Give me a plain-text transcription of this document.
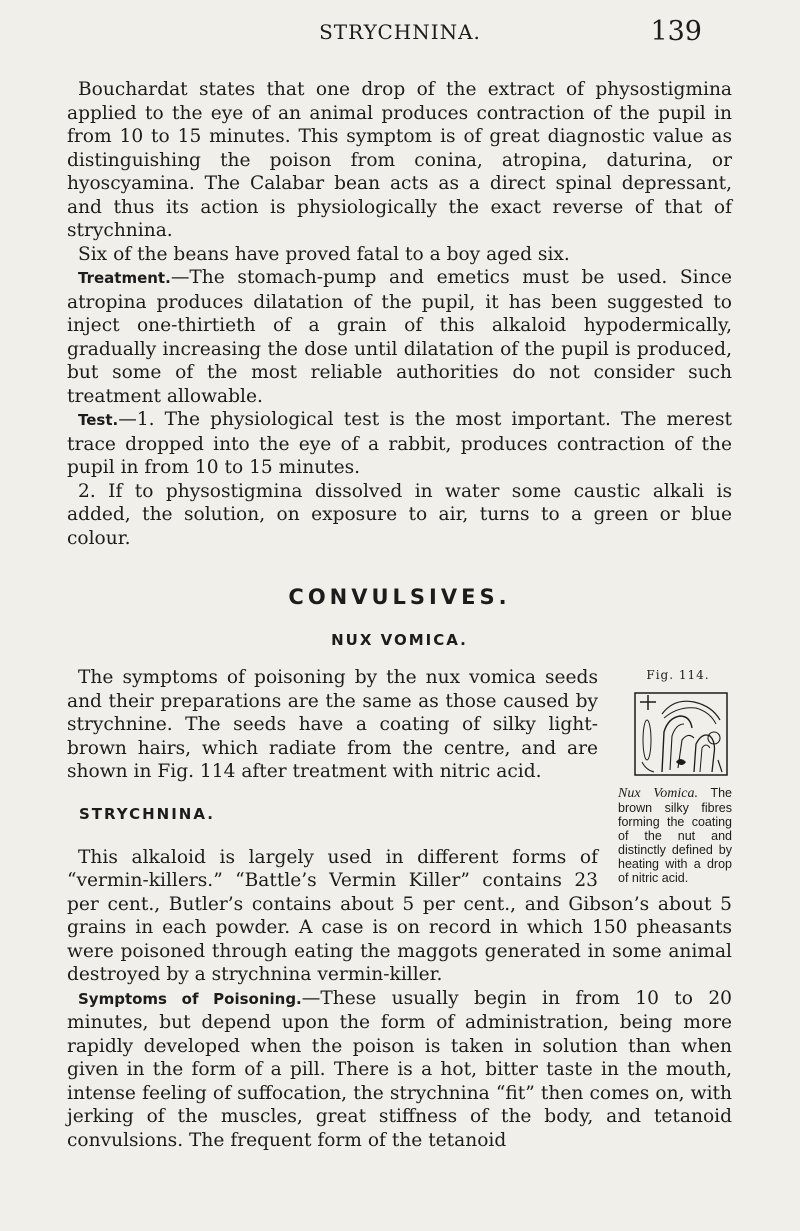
STRYCHNINA.	139

Bouchardat states that one drop of the extract of physostigmina applied to the eye of an animal produces contraction of the pupil in from 10 to 15 minutes. This symptom is of great diagnostic value as distinguishing the poison from conina, atropina, daturina, or hyoscyamina. The Calabar bean acts as a direct spinal depressant, and thus its action is physiologically the exact reverse of that of strychnina.

Six of the beans have proved fatal to a boy aged six.

Treatment.—The stomach-pump and emetics must be used. Since atropina produces dilatation of the pupil, it has been suggested to inject one-thirtieth of a grain of this alkaloid hypodermically, gradually increasing the dose until dilatation of the pupil is produced, but some of the most reliable authorities do not consider such treatment allowable.

Test.—1. The physiological test is the most important. The merest trace dropped into the eye of a rabbit, produces contraction of the pupil in from 10 to 15 minutes.

2. If to physostigmina dissolved in water some caustic alkali is added, the solution, on exposure to air, turns to a green or blue colour.

CONVULSIVES.
NUX VOMICA.
Fig. 114.
Nux Vomica. The brown silky fibres forming the coating of the nut and distinctly defined by heating with a drop of nitric acid.

The symptoms of poisoning by the nux vomica seeds and their preparations are the same as those caused by strychnine. The seeds have a coating of silky light-brown hairs, which radiate from the centre, and are shown in Fig. 114 after treatment with nitric acid.

STRYCHNINA.

This alkaloid is largely used in different forms of “vermin-killers.” “Battle’s Vermin Killer” contains 23 per cent., Butler’s contains about 5 per cent., and Gibson’s about 5 grains in each powder. A case is on record in which 150 pheasants were poisoned through eating the maggots generated in some animal destroyed by a strychnina vermin-killer.

Symptoms of Poisoning.—These usually begin in from 10 to 20 minutes, but depend upon the form of administration, being more rapidly developed when the poison is taken in solution than when given in the form of a pill. There is a hot, bitter taste in the mouth, intense feeling of suffocation, the strychnina “fit” then comes on, with jerking of the muscles, great stiffness of the body, and tetanoid convulsions. The frequent form of the tetanoid
